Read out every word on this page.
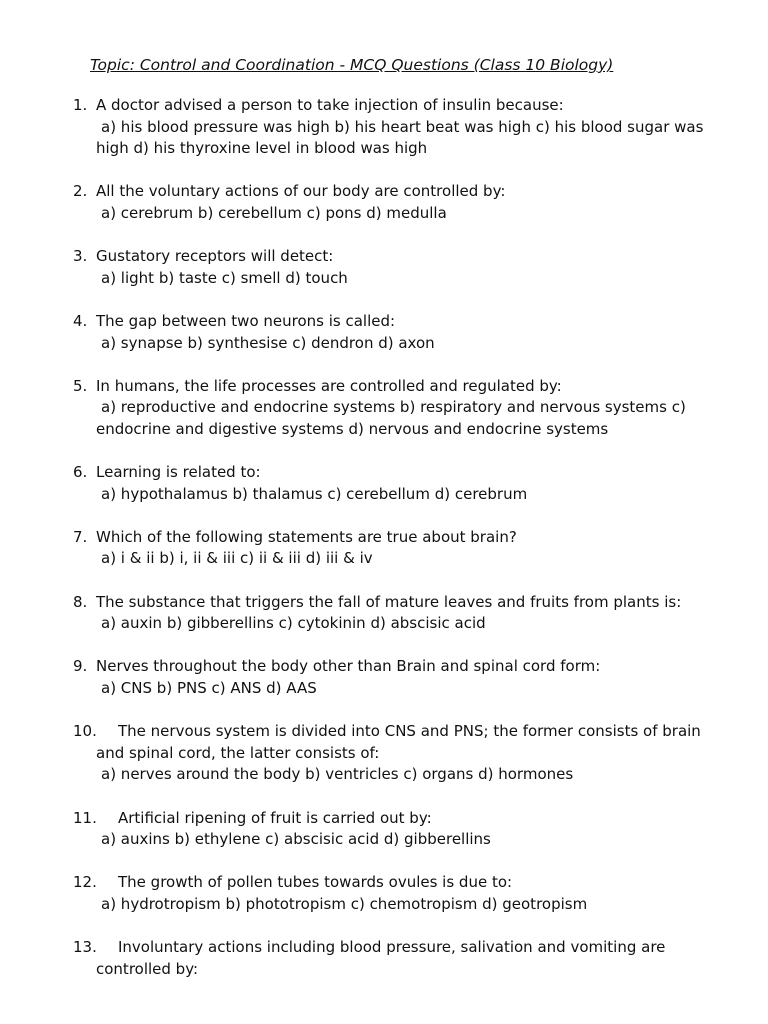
Topic: Control and Coordination - MCQ Questions (Class 10 Biology)
1. A doctor advised a person to take injection of insulin because:
a) his blood pressure was high b) his heart beat was high c) his blood sugar was high d) his thyroxine level in blood was high
2. All the voluntary actions of our body are controlled by:
a) cerebrum b) cerebellum c) pons d) medulla
3. Gustatory receptors will detect:
a) light b) taste c) smell d) touch
4. The gap between two neurons is called:
a) synapse b) synthesise c) dendron d) axon
5. In humans, the life processes are controlled and regulated by:
a) reproductive and endocrine systems b) respiratory and nervous systems c) endocrine and digestive systems d) nervous and endocrine systems
6. Learning is related to:
a) hypothalamus b) thalamus c) cerebellum d) cerebrum
7. Which of the following statements are true about brain?
a) i & ii b) i, ii & iii c) ii & iii d) iii & iv
8. The substance that triggers the fall of mature leaves and fruits from plants is:
a) auxin b) gibberellins c) cytokinin d) abscisic acid
9. Nerves throughout the body other than Brain and spinal cord form:
a) CNS b) PNS c) ANS d) AAS
10.	The nervous system is divided into CNS and PNS; the former consists of brain and spinal cord, the latter consists of:
a) nerves around the body b) ventricles c) organs d) hormones
11.	Artificial ripening of fruit is carried out by:
a) auxins b) ethylene c) abscisic acid d) gibberellins
12.	The growth of pollen tubes towards ovules is due to:
a) hydrotropism b) phototropism c) chemotropism d) geotropism
13.	Involuntary actions including blood pressure, salivation and vomiting are controlled by:
